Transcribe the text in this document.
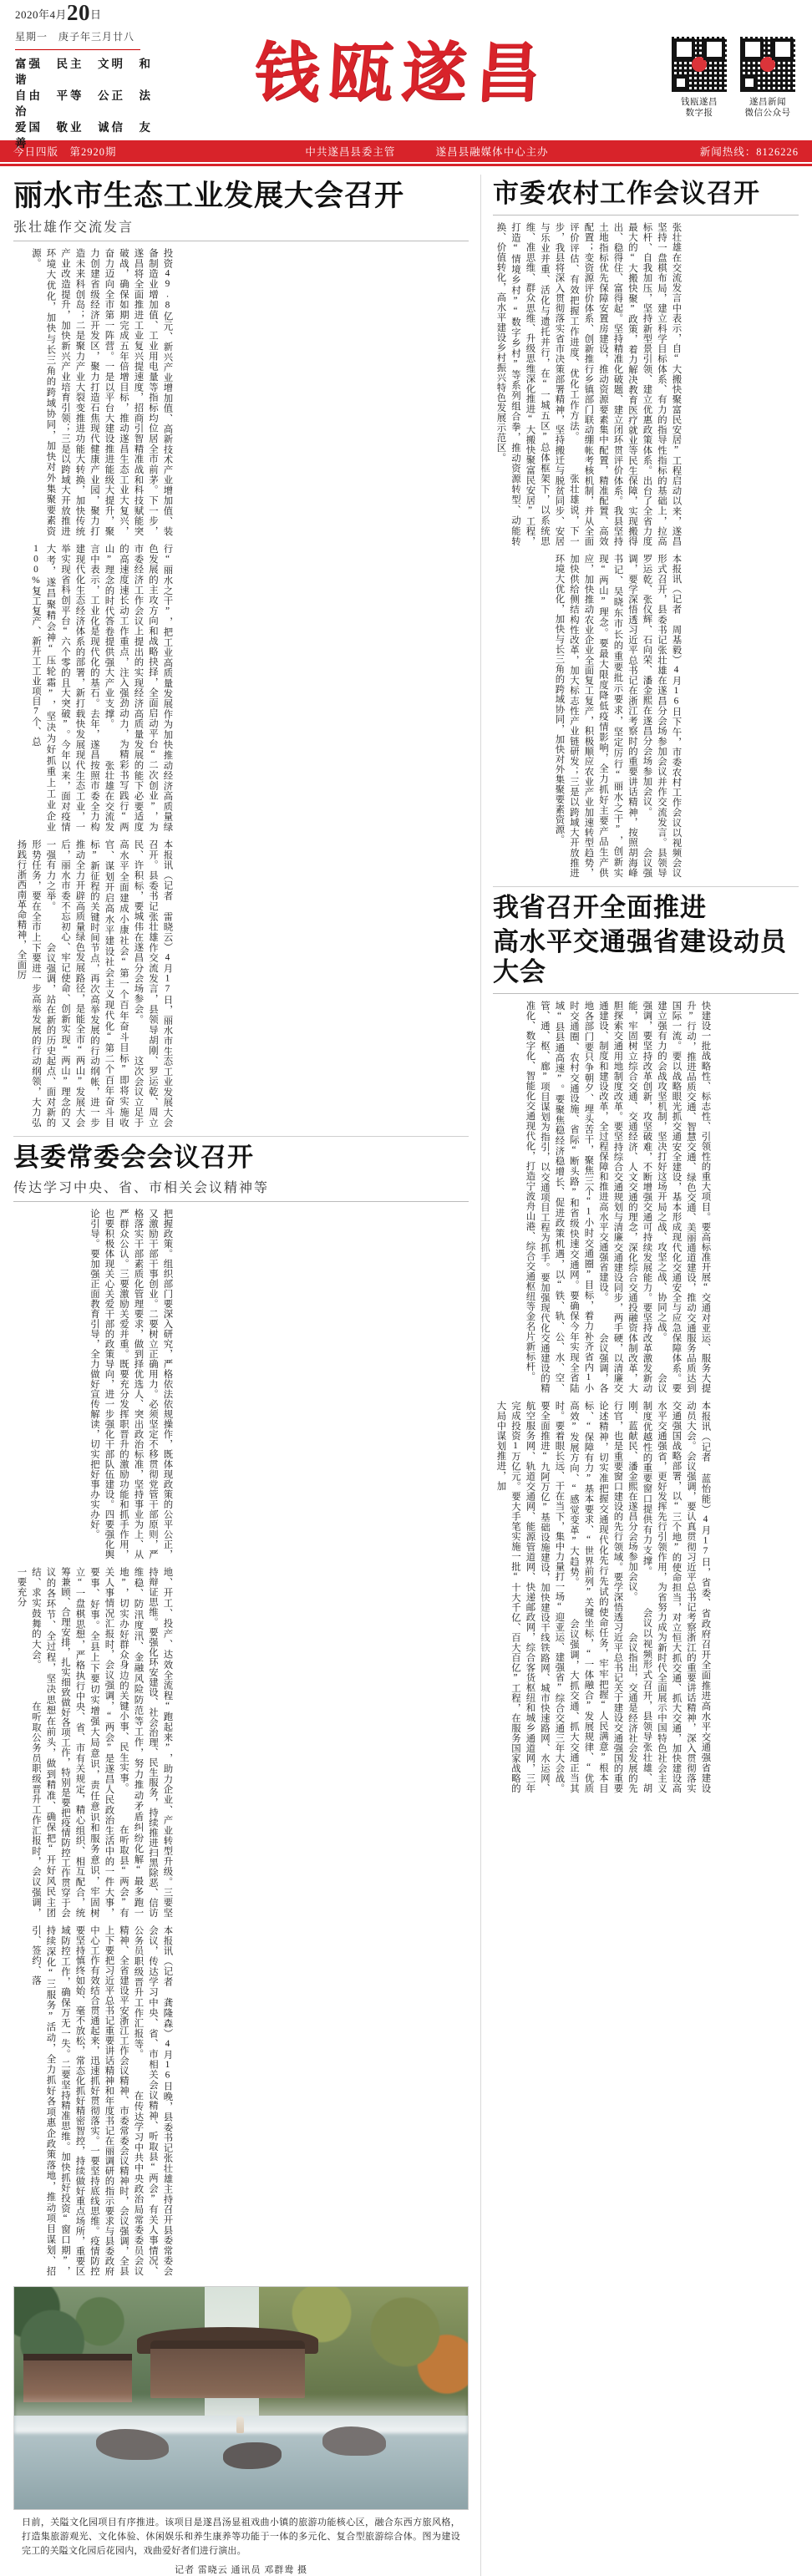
2020年4月20日
星期一　庚子年三月廿八
富强　民主　文明　和谐
自由　平等　公正　法治
爱国　敬业　诚信　友善
钱瓯遂昌	钱瓯遂昌
数字报
遂昌新闻
微信公众号
今日四版　第2920期	中共遂昌县委主管	遂昌县融媒体中心主办	新闻热线：8126226
丽水市生态工业发展大会召开
张壮雄作交流发言
本报讯（记者 雷晓云）4月17日，丽水市生态工业发展大会召开。县委书记张壮雄作交流发言，县领导胡刚、罗运乾、周立民、许积标，要城伟在遂昌分会场参会。 　　这次会议立足于高水平全面建成小康社会“第一个百年奋斗目标”即将实施收官、谋划开启高水平建设社会主义现代化“第二个百年奋斗目标”新征程的关键时间节点，再次高举发展的行动纲帐，进一步推动全力开辟高质量绿色发展路径，是能全市“两山”发展大会后，丽水市委不忘初心、牢记使命、创新实现“两山”理念的又一强有力之举。 　　会议强调，站在新的历史起点、面对新的形势任务，要在全市上下要进一步高举发展的行动纲领，大力弘扬践行浙西南革命精神，全面厉
行“丽水之干”，把工业高质量发展作为加快推动经济高质量绿色发展的主攻方向和战略抉择，全面启动平台“二次创业”，为市委经济工作会议上提出的实现经济高质量发展的能下必要适度的高速度速长动工作重点，注入强劲动力，为精彩书写践行“两山”理念的时代答卷提供强大产业支撑。 　　张壮雄在交流发言中表示，工业化是现代化的基石。去年，遂昌按照市委全力构建现代化生态经济体系的部署，新打载快发展现代生态工业，一举实现省科创平台“六个零的且大突破”。今年以来，面对疫情大考，遂昌聚精会神“压轮霜”，坚决为好抓重上工业企业100%复工复产、新开工工业项目7个、总
投资49.8亿元、新兴产业增加值、高新技术产业增加值、装备制造业增加值、工业用电量等指标均位居全市前茅。下一步，遂昌将全面推进工业复兴提速度，招商引智精准战和科技赋能突破战，确保如期完成五年倍增目标，推动遂昌生态工业大复兴，奋力迈向全市第一阵营。一是以平台大建设推进能级大提升，聚力创建省级经济开发区，聚力打造石焦现代健康产业园，聚力打造未来科创岛；二是聚力产业大裂变推进功能大转换，加快传统产业改造提升，加快新兴产业培育引领；三是以跨域大开放推进环境大优化，加快与长三角的跨域协同，加快对外集聚要素资源。
县委常委会会议召开
传达学习中央、省、市相关会议精神等
本报讯（记者 龚隆森）4月16日晚，县委书记张壮雄主持召开县委常委会会议，传达学习中央、省、市相关会议精神、听取县“两会”有关人事情况、公务员职级晋升工作汇报等。 　　在传达学习中共中央政治局常委委员会议精神、全省建设平安浙江工作会议精神、市委常委会议精神时，会议强调，全县上下要把习近平总书记重要讲话精神和年度书记在丽调研的指示要求与县委政府中心工作有效结合贯通起来，迅速抓好贯彻落实。一要坚持底线思维。疫情防控要坚持慎终如始、毫不放松，常态化抓好精密智控，持续做好重点场所，重要区域防控工作，确保万无一失。二要坚持精准思维。加快抓好投资“窗口期”，持续深化“三服务”活动，全力抓好各项惠企政策落地，推动项目谋划、招引、签约、落
地、开工、投产、达效全流程“跑起来”，助力企业、产业转型升级。三要坚持辩证思维。要强化环安建设、社会治理、民生服务，持续推进扫黑除恶、信访维稳、防汛度汛、金融风险防范等工作，努力推动矛盾纠纷化解“最多跑一地”，切实办好群众身边的关键小事、民生实事。 　　在听取县“两会”有关人事情况汇报时，会议强调，“两会”是遂昌人民政治生活中的一件大事，要事、好事。全县上下要切实增强大局意识，责任意识和服务意识，牢固树立“一盘棋思想，严格执行中央、省、市有关规定，精心组织、相互配合，统筹兼顾、合理安排，扎实细致做好各项工作，特别是要把疫情防控工作贯穿于会议的各环节、全过程，坚决思想在前头，做到精准、确保把“开好风民主团结、求实鼓舞的大会。 　　在听取公务员职级晋升工作汇报时，会议强调，一要充分
把握政策。组织部门要深入研究，严格依法依规操作，既体现政策的公平公正，又激励干部干事创业。二要树立正确用力。必须坚定不移贯彻党管干部原则，严格落实干部素质化管理要求，做到择优选人、突出政治标准，坚持事业为上、从严群众公认。三要激励关爱并重。既要充分发挥职晋升的激励功能和抓手作用，也要积极体现关心关爱干部的政策导向，进一步强化干部队伍建设。四要强化舆论引导。要加强正面教育引导，全力做好宣传解读，切实把好事办实办好。
日前，关隘文化园项目有序推进。该项目是遂昌汤显祖戏曲小镇的旅游功能核心区，融合东西方旅风格，打造集旅游观光、文化体验、休闲娱乐和养生康养等功能于一体的多元化、复合型旅游综合体。图为建设完工的关隘文化园后花园内，戏曲爱好者们进行演出。
记者 雷晓云 通讯员 邓群鸯 摄
市委农村工作会议召开
本报讯（记者 周基毅）4月16日下午，市委农村工作会议以视频会议形式召开，县委书记张壮雄在遂昌分会场参加会议并作交流发言。县领导罗运乾、张仪辉、石向荣、潘金熙在遂昌分会场参加会议。 　　会议强调，要学深悟透习近平总书记在浙江考察时的重要讲话精神，按照胡海峰书记、吴晓东市长的重要批示要求，坚定厉行“丽水之干”，创新实现“两山”理念。要最大限度降低疫情影响，全力抓好主要产品生产供应，加快推动农业企业全面复工复产，积极顺应农业产业加速转型趋势，加快供给侧结构性改革，加大标志性产业链研发；三是以跨域大开放推进环境大优化，加快与长三角的跨域协同，加快对外集聚要素资源。
张壮雄在交流发言中表示，自“大搬快聚富民安居”工程启动以来，遂昌坚持一盘棋布局，建立科学目标体系、有力的指导性指标的基础上，拉高标杆、自我加压，坚持新型景引领、建立优惠政策体系。出台了全省力度最大的“大搬快聚”政策，着力解决教育医疗就业等民生保障，实现搬得出、稳得住、富得起。坚持精准化破题、建立闭环贯评价体系。我县坚持土地指标优先保障安置房建设，推动资源要素集中配置，精准配置、高效配置；变资源评价体系、创新推行乡镇部门联动绷帐考核机制，并从全面评价评估、有效把握工作进度、优化工作方法。 　　张壮雄说，下一步，我县将深入贯彻落实省市决策部署精神，坚持搬迁与脱贫同步、安居与乐业并重、活化与遗托并行，在“一城五区”总体框架下，以系统思维、准思维、群众思维、升级思维深化推进“大搬快聚富民安居”工程，打造“情境乡村”“数字乡村”等系列组合拳，推动资源转型、动能转换、价值转化，高水平建设乡村振兴特色发展示范区。
我省召开全面推进
高水平交通强省建设动员大会
本报讯（记者 蓝怡能）4月17日，省委、省政府召开全面推进高水平交通强省建设动员大会。会议强调，要认真贯彻习近平总书记考察浙江的重要讲话精神，深入贯彻落实交通强国战略部署，以“三个地”的使命担当，对立恒大抓交通、抓大交通，加快建设高水平交通强省，更好发挥先行引领作用，为省努力成为新时代全面展示中国特色社会主义制度优越性的重要窗口提供有力支撑。 　　会议以视频形式召开，县领导张壮雄、胡刚、蓝献民、潘金熙在遂昌分会场参加会议。 　　会议指出，交通是经济社会发展的先行官，也是重要窗口建设的先行领域。要学深悟透习近平总书记关于建设交通强国的重要论述精神，切实准把握交通现代化先行先试的使命任务，牢牢把握“人民满意”根本目标、“保障有力”基本要求、“世界前列”关键坐标，“一体融合”发展规律、“优质高效”发展方向、“感觉变革”大趋势。 　　会议强调，大抓交通、抓大交通正当其时。要着眼长远、干在当下，集中力量打一场“迎亚运、建强省”综合交通三年大会战。要全面推进“九阿万亿”基础设施建设，加快建设干线铁路网、城市快速路网、水运网、航空服务网、轨道交通网、能源管道网、快递邮政网，综合客货枢纽和城乡通道网，三年完成投资1万亿元。要大手笔实施一批“十大千亿、百大百亿”工程，在服务国家战略的大局中谋划推进，加
快建设一批战略性、标志性、引领性的重大项目。要高标准开展“交通对亚运、服务大提升”行动，推进品质交通、智慧交通、绿色交通、美丽通道建设，推动交通服务品质达到国际一流。要以战略眼光抓交通安全建设，基本形成现代化交通安全与应急保障体系。要建立强有力的会战攻坚机制，坚决打好这场开局之战、攻坚之战、协同之战。 　　会议强调，要坚持改革创新，攻坚破难，不断增强交通可持续发展能力。要坚持改革激发新动能，牢固树立综合交通、交通经济、人文交通的理念，深化综合交通投融资体制改革，大胆探索交通用地制度改革。要坚持综合交通规划与清廉交通建设同步，两手硬，以清廉交通建设、制度和建设改革，全过程保障和推进高水平交通强省建设。 　　会议强调，各地各部门要只争朝夕、埋头苦干，聚焦三个“1小时交通圈”目标，着力补齐省内1小时交通圈、农村交通设施、省际“断头路”和省级快速交通网。要确保今年实现全省陆域“县县通高速”。要聚焦稳经济稳增长、促进政策机遇，以“铁、轨、公、水、空、管、通、枢、廊”项目谋划为指引，以交通项目工程为抓手。要加强现代化交通建设的精准化、数字化、智能化交通现代化，打造宁波舟山港、综合交通枢纽等金名片新标杆。
